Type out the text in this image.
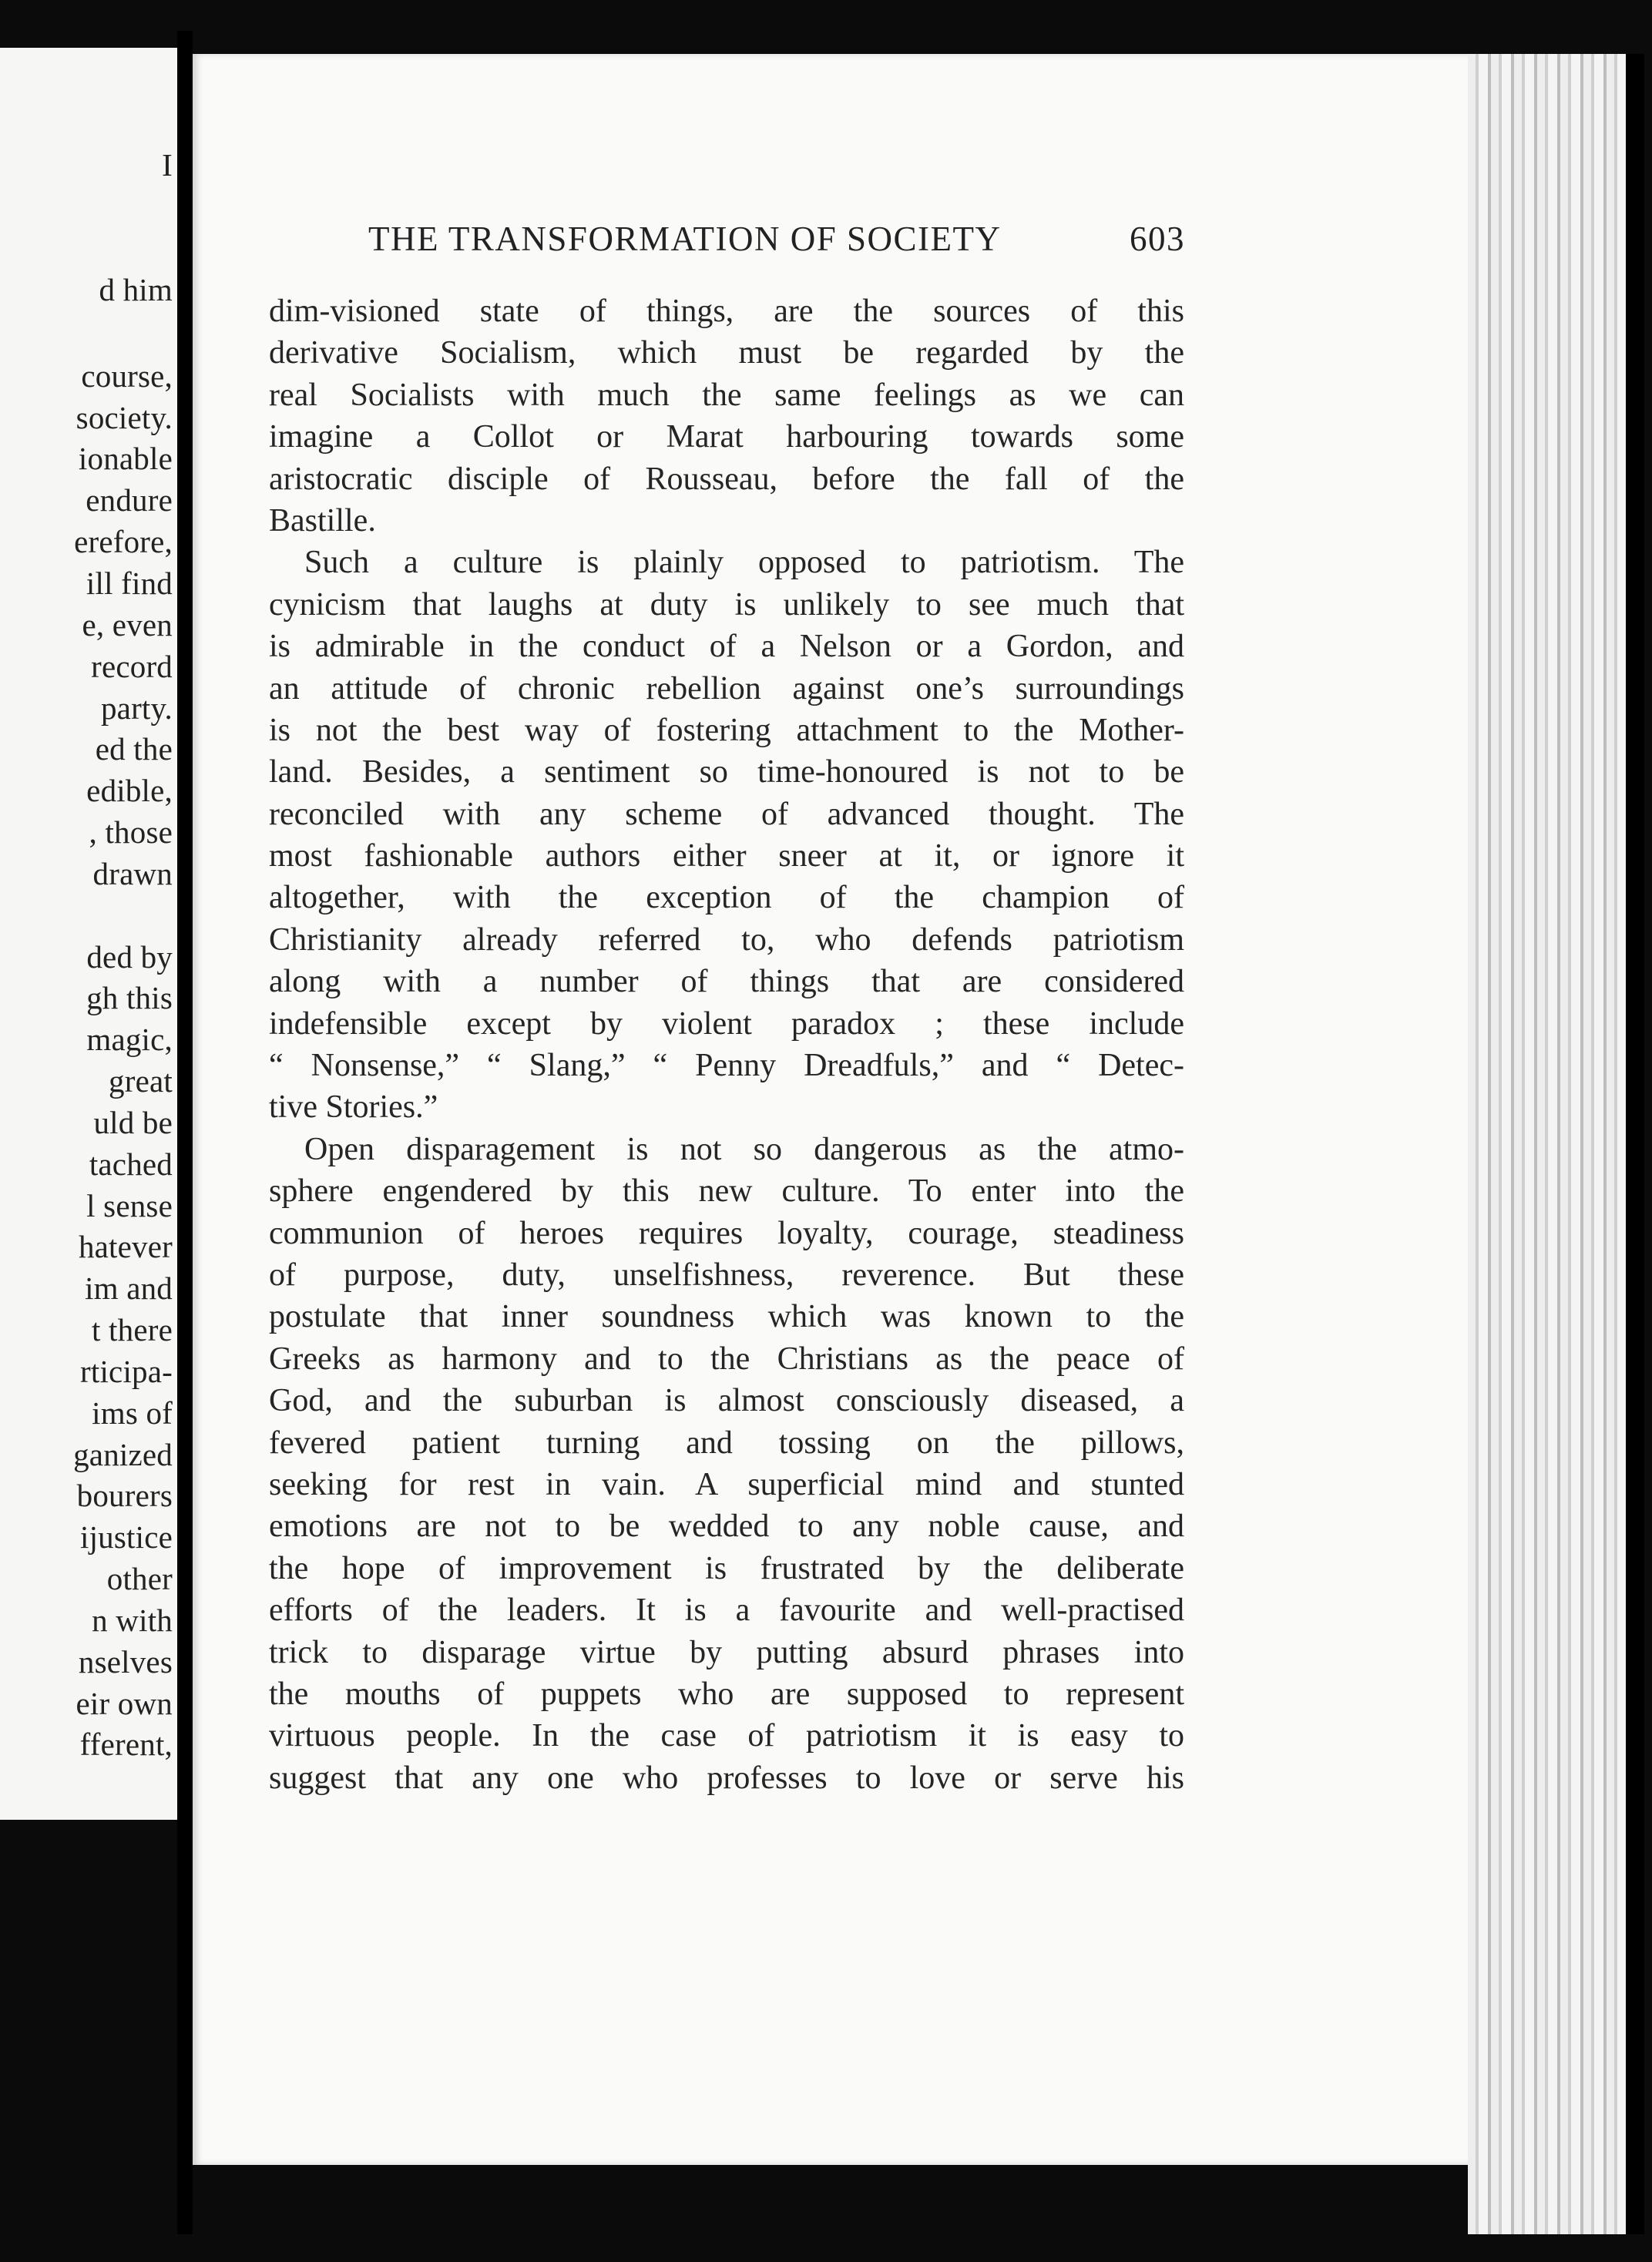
I
d him
course,
society.
ionable
endure
erefore,
ill find
e, even
record
party.
ed the
edible,
, those
drawn
ded by
gh this
magic,
great
uld be
tached
l sense
hatever
im and
t there
rticipa-
ims of
ganized
bourers
ijustice
other
n with
nselves
eir own
fferent,
THE TRANSFORMATION OF SOCIETY	603
dim-visioned state of things, are the sources of this
derivative Socialism, which must be regarded by the
real Socialists with much the same feelings as we can
imagine a Collot or Marat harbouring towards some
aristocratic disciple of Rousseau, before the fall of the
Bastille.
Such a culture is plainly opposed to patriotism. The
cynicism that laughs at duty is unlikely to see much that
is admirable in the conduct of a Nelson or a Gordon, and
an attitude of chronic rebellion against one’s surroundings
is not the best way of fostering attachment to the Mother-
land. Besides, a sentiment so time-honoured is not to be
reconciled with any scheme of advanced thought. The
most fashionable authors either sneer at it, or ignore it
altogether, with the exception of the champion of
Christianity already referred to, who defends patriotism
along with a number of things that are considered
indefensible except by violent paradox ; these include
“ Nonsense,” “ Slang,” “ Penny Dreadfuls,” and “ Detec-
tive Stories.”
Open disparagement is not so dangerous as the atmo-
sphere engendered by this new culture. To enter into the
communion of heroes requires loyalty, courage, steadiness
of purpose, duty, unselfishness, reverence. But these
postulate that inner soundness which was known to the
Greeks as harmony and to the Christians as the peace of
God, and the suburban is almost consciously diseased, a
fevered patient turning and tossing on the pillows,
seeking for rest in vain. A superficial mind and stunted
emotions are not to be wedded to any noble cause, and
the hope of improvement is frustrated by the deliberate
efforts of the leaders. It is a favourite and well-practised
trick to disparage virtue by putting absurd phrases into
the mouths of puppets who are supposed to represent
virtuous people. In the case of patriotism it is easy to
suggest that any one who professes to love or serve his
